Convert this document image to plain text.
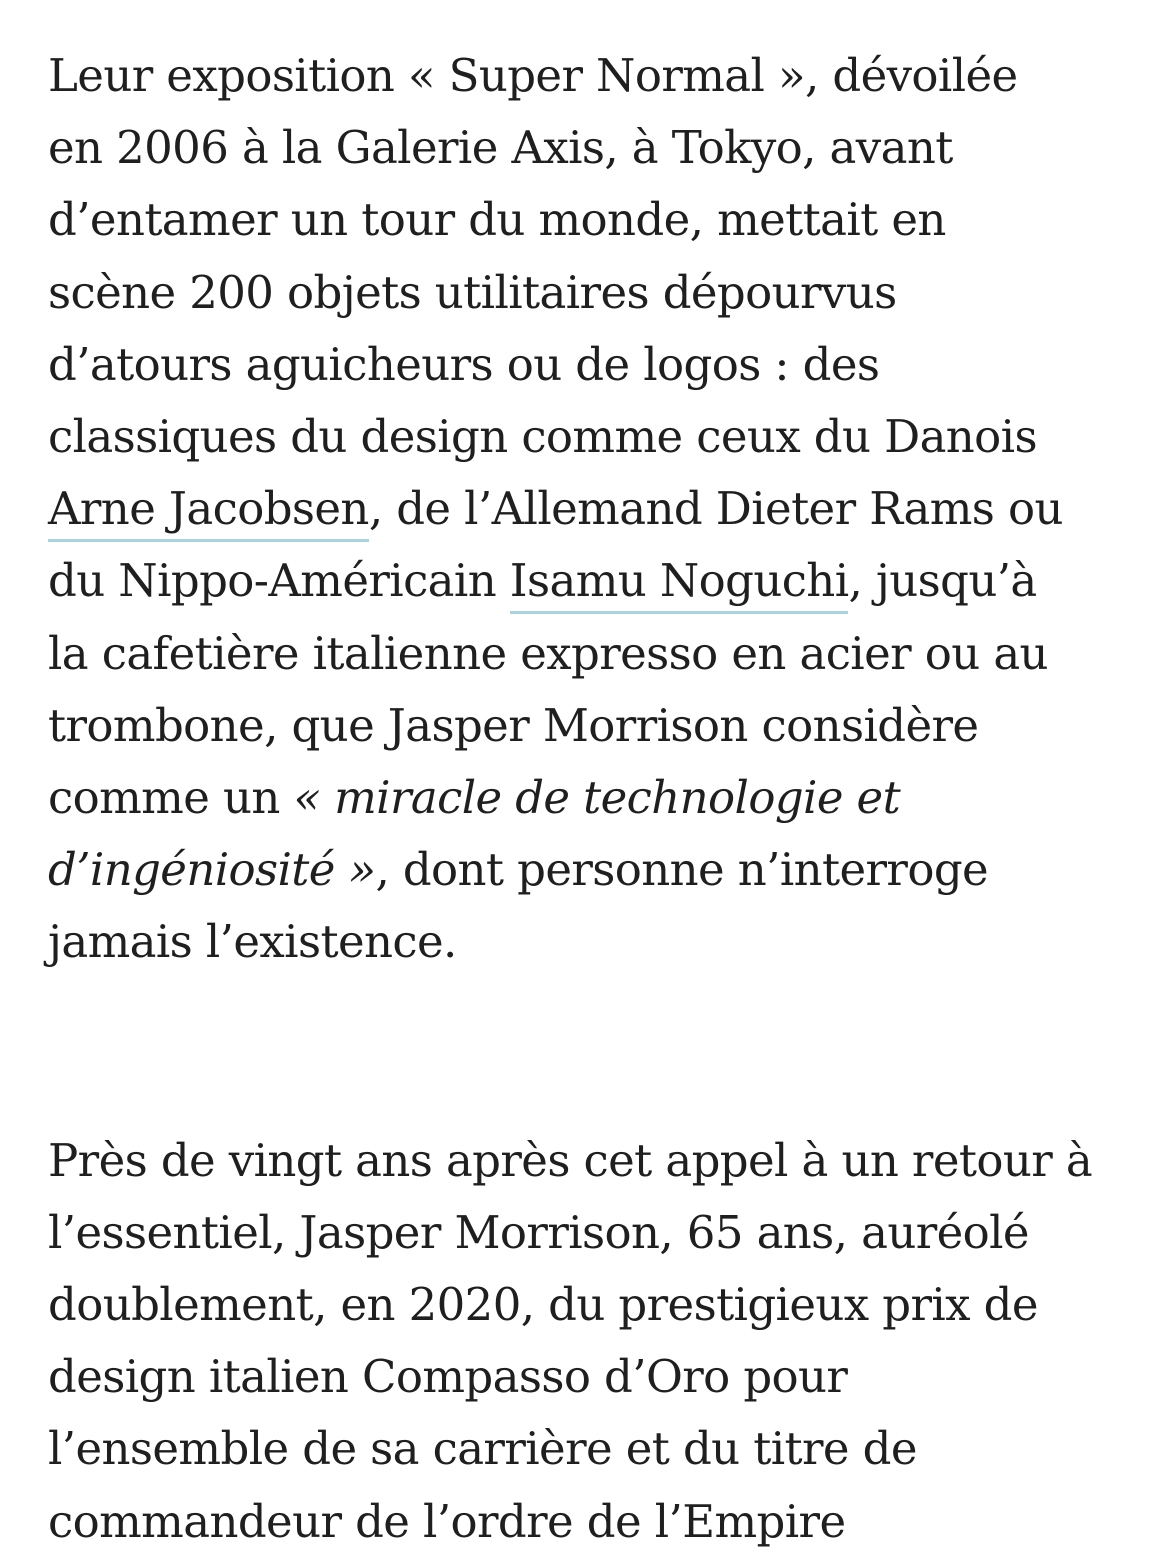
Leur exposition « Super Normal », dévoilée
en 2006 à la Galerie Axis, à Tokyo, avant
d’entamer un tour du monde, mettait en
scène 200 objets utilitaires dépourvus
d’atours aguicheurs ou de logos : des
classiques du design comme ceux du Danois
Arne Jacobsen, de l’Allemand Dieter Rams ou
du Nippo-Américain Isamu Noguchi, jusqu’à
la cafetière italienne expresso en acier ou au
trombone, que Jasper Morrison considère
comme un « miracle de technologie et
d’ingéniosité », dont personne n’interroge
jamais l’existence.

Près de vingt ans après cet appel à un retour à
l’essentiel, Jasper Morrison, 65 ans, auréolé
doublement, en 2020, du prestigieux prix de
design italien Compasso d’Oro pour
l’ensemble de sa carrière et du titre de
commandeur de l’ordre de l’Empire
